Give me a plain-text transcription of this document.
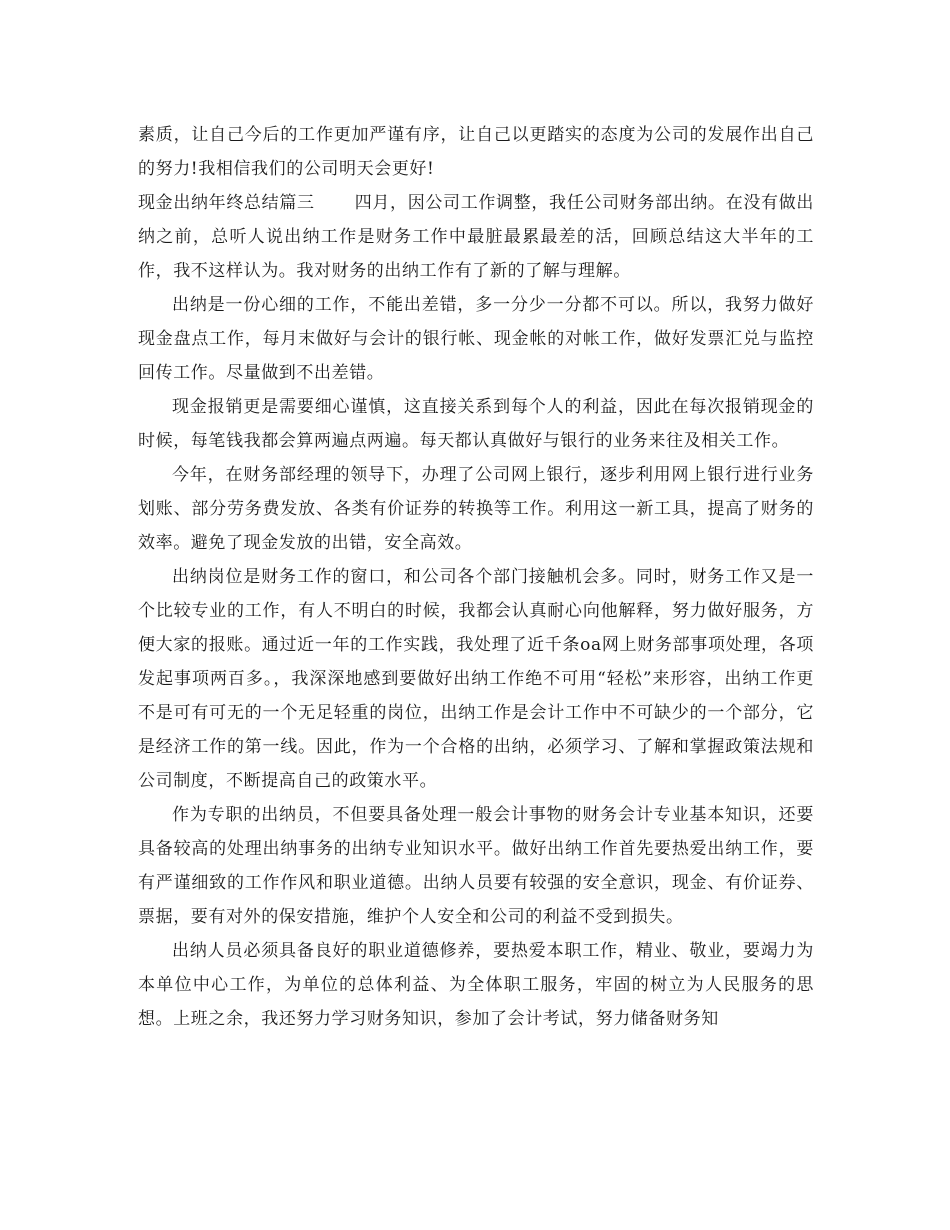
素质，让自己今后的工作更加严谨有序，让自己以更踏实的态度为公司的发展作出自己的努力!我相信我们的公司明天会更好!

现金出纳年终总结篇三 四月，因公司工作调整，我任公司财务部出纳。在没有做出纳之前，总听人说出纳工作是财务工作中最脏最累最差的活，回顾总结这大半年的工作，我不这样认为。我对财务的出纳工作有了新的了解与理解。

出纳是一份心细的工作，不能出差错，多一分少一分都不可以。所以，我努力做好现金盘点工作，每月末做好与会计的银行帐、现金帐的对帐工作，做好发票汇兑与监控回传工作。尽量做到不出差错。

现金报销更是需要细心谨慎，这直接关系到每个人的利益，因此在每次报销现金的时候，每笔钱我都会算两遍点两遍。每天都认真做好与银行的业务来往及相关工作。

今年，在财务部经理的领导下，办理了公司网上银行，逐步利用网上银行进行业务划账、部分劳务费发放、各类有价证券的转换等工作。利用这一新工具，提高了财务的效率。避免了现金发放的出错，安全高效。

出纳岗位是财务工作的窗口，和公司各个部门接触机会多。同时，财务工作又是一个比较专业的工作，有人不明白的时候，我都会认真耐心向他解释，努力做好服务，方便大家的报账。通过近一年的工作实践，我处理了近千条oa网上财务部事项处理，各项发起事项两百多。，我深深地感到要做好出纳工作绝不可用“轻松”来形容，出纳工作更不是可有可无的一个无足轻重的岗位，出纳工作是会计工作中不可缺少的一个部分，它是经济工作的第一线。因此，作为一个合格的出纳，必须学习、了解和掌握政策法规和公司制度，不断提高自己的政策水平。

作为专职的出纳员，不但要具备处理一般会计事物的财务会计专业基本知识，还要具备较高的处理出纳事务的出纳专业知识水平。做好出纳工作首先要热爱出纳工作，要有严谨细致的工作作风和职业道德。出纳人员要有较强的安全意识，现金、有价证券、票据，要有对外的保安措施，维护个人安全和公司的利益不受到损失。

出纳人员必须具备良好的职业道德修养，要热爱本职工作，精业、敬业，要竭力为本单位中心工作，为单位的总体利益、为全体职工服务，牢固的树立为人民服务的思想。上班之余，我还努力学习财务知识，参加了会计考试，努力储备财务知
